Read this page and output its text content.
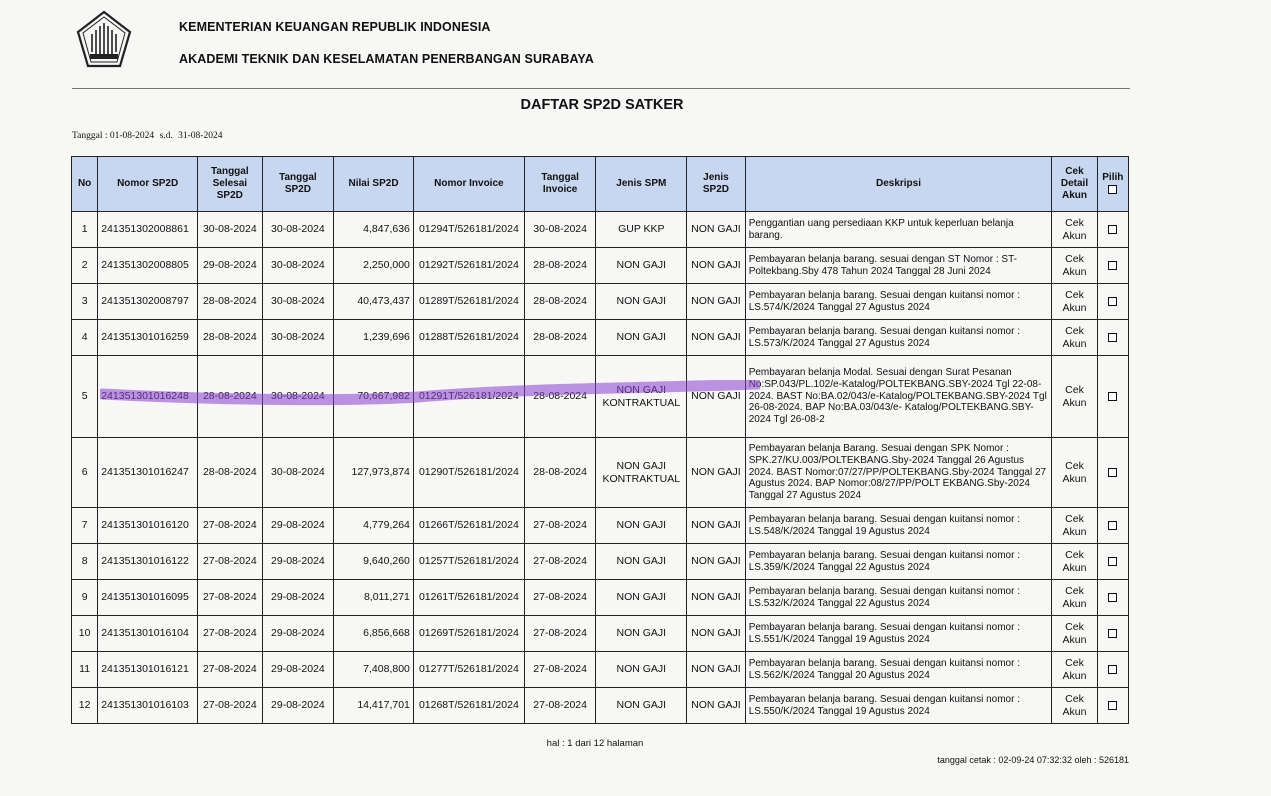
KEMENTERIAN KEUANGAN REPUBLIK INDONESIA
AKADEMI TEKNIK DAN KESELAMATAN PENERBANGAN SURABAYA
DAFTAR SP2D SATKER
Tanggal : 01-08-2024 s.d. 31-08-2024
No	Nomor SP2D	Tanggal Selesai SP2D	Tanggal SP2D	Nilai SP2D	Nomor Invoice	Tanggal Invoice	Jenis SPM	Jenis SP2D	Deskripsi	Cek Detail Akun	Pilih

1	241351302008861	30-08-2024	30-08-2024	4,847,636	01294T/526181/2024	30-08-2024	GUP KKP	NON GAJI	Penggantian uang persediaan KKP untuk keperluan belanja barang.	Cek Akun	
2	241351302008805	29-08-2024	30-08-2024	2,250,000	01292T/526181/2024	28-08-2024	NON GAJI	NON GAJI	Pembayaran belanja barang. sesuai dengan ST Nomor : ST-Poltekbang.Sby 478 Tahun 2024 Tanggal 28 Juni 2024	Cek Akun	
3	241351302008797	28-08-2024	30-08-2024	40,473,437	01289T/526181/2024	28-08-2024	NON GAJI	NON GAJI	Pembayaran belanja barang. Sesuai dengan kuitansi nomor : LS.574/K/2024 Tanggal 27 Agustus 2024	Cek Akun	
4	241351301016259	28-08-2024	30-08-2024	1,239,696	01288T/526181/2024	28-08-2024	NON GAJI	NON GAJI	Pembayaran belanja barang. Sesuai dengan kuitansi nomor : LS.573/K/2024 Tanggal 27 Agustus 2024	Cek Akun	
5	241351301016248	28-08-2024	30-08-2024	70,667,982	01291T/526181/2024	28-08-2024	NON GAJI KONTRAKTUAL	NON GAJI	Pembayaran belanja Modal. Sesuai dengan Surat Pesanan No:SP.043/PL.102/e-Katalog/POLTEKBANG.SBY-2024 Tgl 22-08-2024. BAST No:BA.02/043/e-Katalog/POLTEKBANG.SBY-2024 Tgl 26-08-2024. BAP No:BA.03/043/e- Katalog/POLTEKBANG.SBY-2024 Tgl 26-08-2	Cek Akun	
6	241351301016247	28-08-2024	30-08-2024	127,973,874	01290T/526181/2024	28-08-2024	NON GAJI KONTRAKTUAL	NON GAJI	Pembayaran belanja Barang. Sesuai dengan SPK Nomor : SPK.27/KU.003/POLTEKBANG.Sby-2024 Tanggal 26 Agustus 2024. BAST Nomor:07/27/PP/POLTEKBANG.Sby-2024 Tanggal 27 Agustus 2024. BAP Nomor:08/27/PP/POLT EKBANG.Sby-2024 Tanggal 27 Agustus 2024	Cek Akun	
7	241351301016120	27-08-2024	29-08-2024	4,779,264	01266T/526181/2024	27-08-2024	NON GAJI	NON GAJI	Pembayaran belanja barang. Sesuai dengan kuitansi nomor : LS.548/K/2024 Tanggal 19 Agustus 2024	Cek Akun	
8	241351301016122	27-08-2024	29-08-2024	9,640,260	01257T/526181/2024	27-08-2024	NON GAJI	NON GAJI	Pembayaran belanja barang. Sesuai dengan kuitansi nomor : LS.359/K/2024 Tanggal 22 Agustus 2024	Cek Akun	
9	241351301016095	27-08-2024	29-08-2024	8,011,271	01261T/526181/2024	27-08-2024	NON GAJI	NON GAJI	Pembayaran belanja barang. Sesuai dengan kuitansi nomor : LS.532/K/2024 Tanggal 22 Agustus 2024	Cek Akun	
10	241351301016104	27-08-2024	29-08-2024	6,856,668	01269T/526181/2024	27-08-2024	NON GAJI	NON GAJI	Pembayaran belanja barang. Sesuai dengan kuitansi nomor : LS.551/K/2024 Tanggal 19 Agustus 2024	Cek Akun	
11	241351301016121	27-08-2024	29-08-2024	7,408,800	01277T/526181/2024	27-08-2024	NON GAJI	NON GAJI	Pembayaran belanja barang. Sesuai dengan kuitansi nomor : LS.562/K/2024 Tanggal 20 Agustus 2024	Cek Akun	
12	241351301016103	27-08-2024	29-08-2024	14,417,701	01268T/526181/2024	27-08-2024	NON GAJI	NON GAJI	Pembayaran belanja barang. Sesuai dengan kuitansi nomor : LS.550/K/2024 Tanggal 19 Agustus 2024	Cek Akun	
hal : 1 dari 12 halaman
tanggal cetak : 02-09-24 07:32:32 oleh : 526181
